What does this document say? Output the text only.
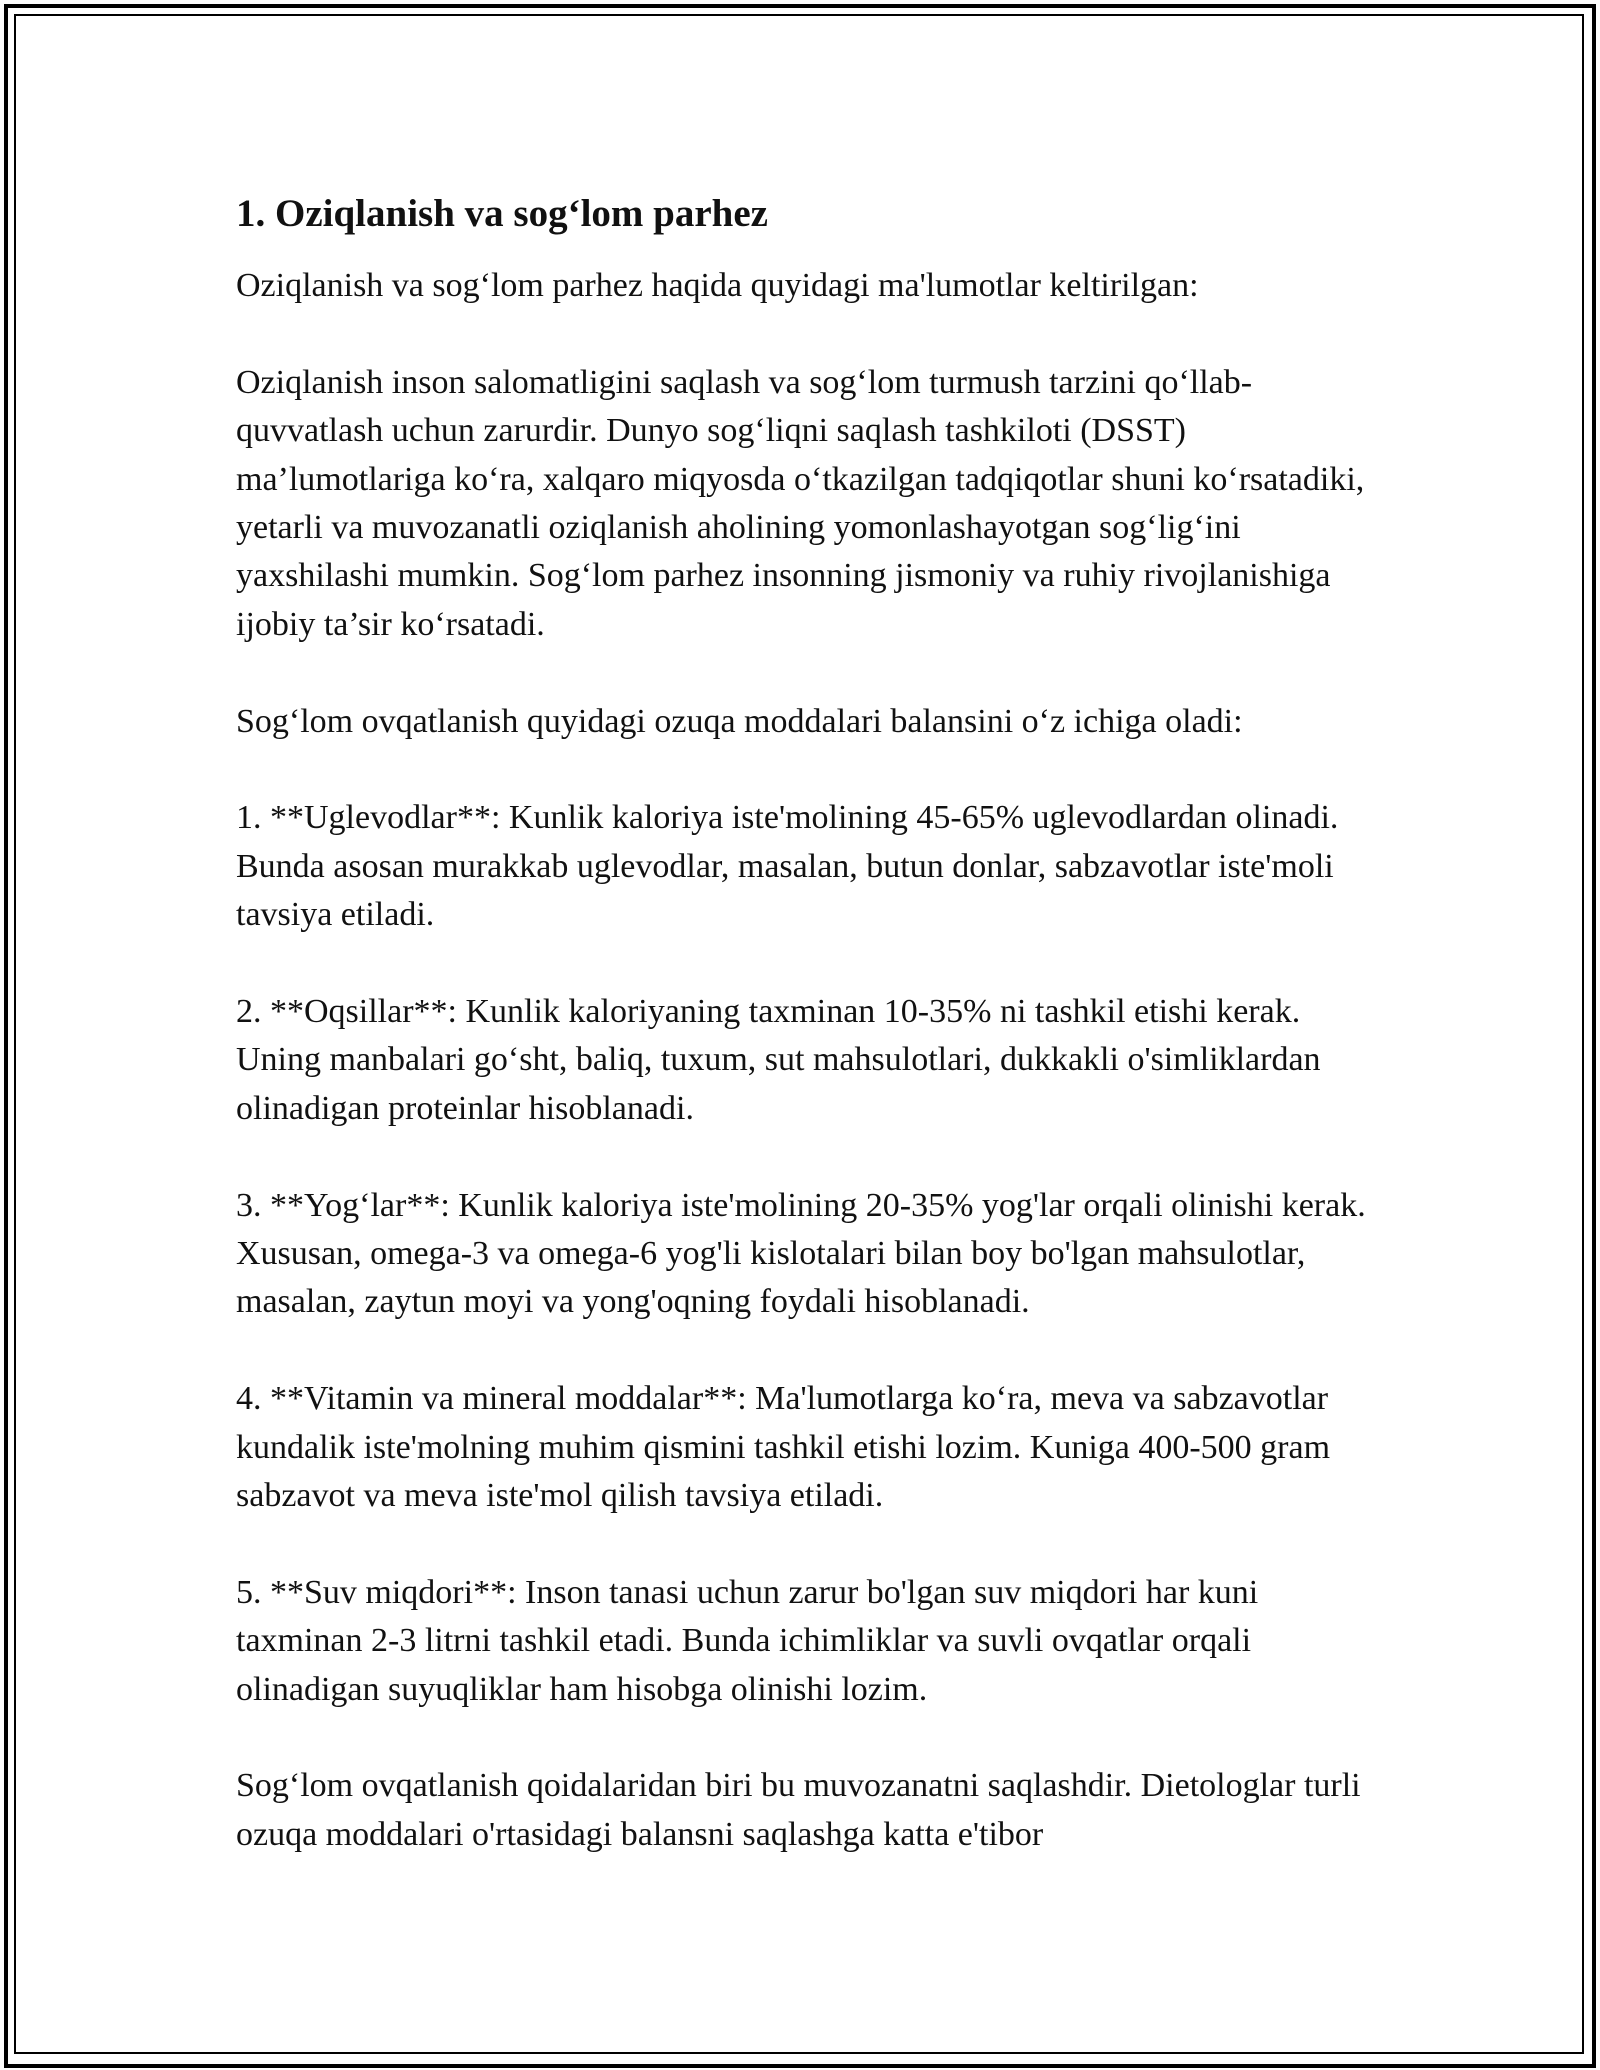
1. Oziqlanish va sog‘lom parhez

Oziqlanish va sog‘lom parhez haqida quyidagi ma'lumotlar keltirilgan:

Oziqlanish inson salomatligini saqlash va sog‘lom turmush tarzini qo‘llab-quvvatlash uchun zarurdir. Dunyo sog‘liqni saqlash tashkiloti (DSST) ma’lumotlariga ko‘ra, xalqaro miqyosda o‘tkazilgan tadqiqotlar shuni ko‘rsatadiki, yetarli va muvozanatli oziqlanish aholining yomonlashayotgan sog‘lig‘ini yaxshilashi mumkin. Sog‘lom parhez insonning jismoniy va ruhiy rivojlanishiga ijobiy ta’sir ko‘rsatadi.

Sog‘lom ovqatlanish quyidagi ozuqa moddalari balansini o‘z ichiga oladi:

1. **Uglevodlar**: Kunlik kaloriya iste'molining 45-65% uglevodlardan olinadi. Bunda asosan murakkab uglevodlar, masalan, butun donlar, sabzavotlar iste'moli tavsiya etiladi.

2. **Oqsillar**: Kunlik kaloriyaning taxminan 10-35% ni tashkil etishi kerak. Uning manbalari go‘sht, baliq, tuxum, sut mahsulotlari, dukkakli o'simliklardan olinadigan proteinlar hisoblanadi.

3. **Yog‘lar**: Kunlik kaloriya iste'molining 20-35% yog'lar orqali olinishi kerak. Xususan, omega-3 va omega-6 yog'li kislotalari bilan boy bo'lgan mahsulotlar, masalan, zaytun moyi va yong'oqning foydali hisoblanadi.

4. **Vitamin va mineral moddalar**: Ma'lumotlarga ko‘ra, meva va sabzavotlar kundalik iste'molning muhim qismini tashkil etishi lozim. Kuniga 400-500 gram sabzavot va meva iste'mol qilish tavsiya etiladi.

5. **Suv miqdori**: Inson tanasi uchun zarur bo'lgan suv miqdori har kuni taxminan 2-3 litrni tashkil etadi. Bunda ichimliklar va suvli ovqatlar orqali olinadigan suyuqliklar ham hisobga olinishi lozim.

Sog‘lom ovqatlanish qoidalaridan biri bu muvozanatni saqlashdir. Dietologlar turli ozuqa moddalari o'rtasidagi balansni saqlashga katta e'tibor
